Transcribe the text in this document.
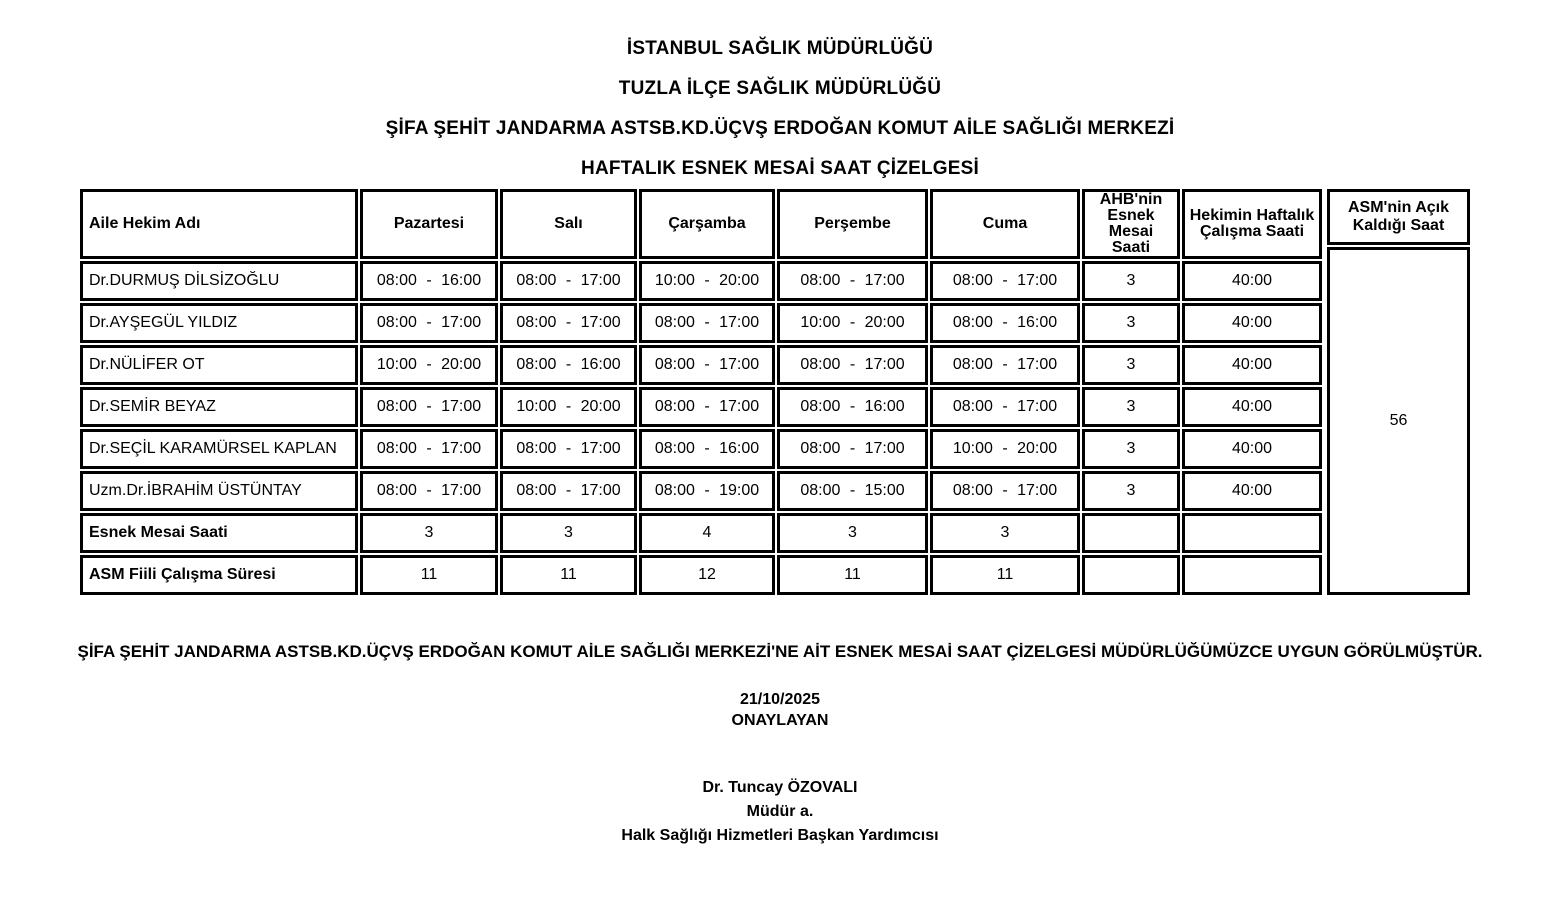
İSTANBUL SAĞLIK MÜDÜRLÜĞÜ
TUZLA İLÇE SAĞLIK MÜDÜRLÜĞÜ
ŞİFA ŞEHİT JANDARMA ASTSB.KD.ÜÇVŞ ERDOĞAN KOMUT AİLE SAĞLIĞI MERKEZİ
HAFTALIK ESNEK MESAİ SAAT ÇİZELGESİ
Aile Hekim Adı	Pazartesi	Salı	Çarşamba	Perşembe	Cuma	AHB'nin Esnek Mesai Saati	Hekimin Haftalık Çalışma Saati
Dr.DURMUŞ DİLSİZOĞLU	08:00 - 16:00	08:00 - 17:00	10:00 - 20:00	08:00 - 17:00	08:00 - 17:00	3	40:00
Dr.AYŞEGÜL YILDIZ	08:00 - 17:00	08:00 - 17:00	08:00 - 17:00	10:00 - 20:00	08:00 - 16:00	3	40:00
Dr.NÜLİFER OT	10:00 - 20:00	08:00 - 16:00	08:00 - 17:00	08:00 - 17:00	08:00 - 17:00	3	40:00
Dr.SEMİR BEYAZ	08:00 - 17:00	10:00 - 20:00	08:00 - 17:00	08:00 - 16:00	08:00 - 17:00	3	40:00
Dr.SEÇİL KARAMÜRSEL KAPLAN	08:00 - 17:00	08:00 - 17:00	08:00 - 16:00	08:00 - 17:00	10:00 - 20:00	3	40:00
Uzm.Dr.İBRAHİM ÜSTÜNTAY	08:00 - 17:00	08:00 - 17:00	08:00 - 19:00	08:00 - 15:00	08:00 - 17:00	3	40:00
Esnek Mesai Saati	3	3	4	3	3		
ASM Fiili Çalışma Süresi	11	11	12	11	11		
ASM'nin Açık Kaldığı Saat
56
ŞİFA ŞEHİT JANDARMA ASTSB.KD.ÜÇVŞ ERDOĞAN KOMUT AİLE SAĞLIĞI MERKEZİ'NE AİT ESNEK MESAİ SAAT ÇİZELGESİ MÜDÜRLÜĞÜMÜZCE UYGUN GÖRÜLMÜŞTÜR.
21/10/2025
ONAYLAYAN
Dr. Tuncay ÖZOVALI
Müdür a.
Halk Sağlığı Hizmetleri Başkan Yardımcısı
